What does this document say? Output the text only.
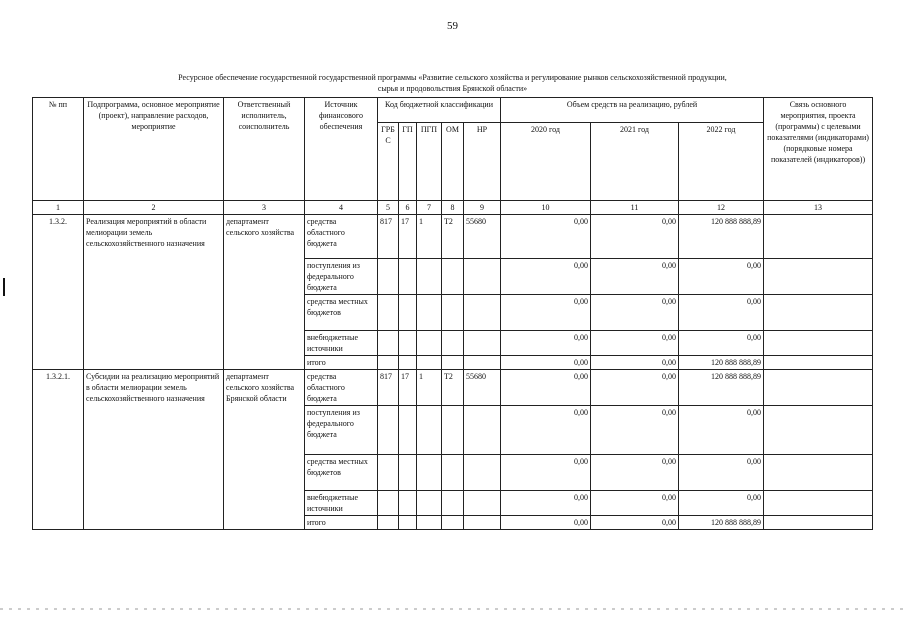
59
Ресурсное обеспечение государственной государственной программы «Развитие сельского хозяйства и регулирование рынков сельскохозяйственной продукции,
сырья и продовольствия Брянской области»
№ пп	Подпрограмма, основное мероприятие (проект), направление расходов, мероприятие	Ответственный исполнитель, соисполнитель	Источник финансового обеспечения	Код бюджетной классификации					Объем средств на реализацию, рублей			Связь основного мероприятия, проекта (программы) с целевыми показателями (индикаторами) (порядковые номера показателей (индикаторов))
				ГРБ С	ГП	ПГП	ОМ	НР	2020 год	2021 год	2022 год	
1	2	3	4	5	6	7	8	9	10	11	12	13
1.3.2.	Реализация мероприятий в области мелиорации земель сельскохозяйственного назначения	департамент сельского хозяйства	средства областного бюджета	817	17	1	Т2	55680	0,00	0,00	120 888 888,89	
			поступления из федерального бюджета						0,00	0,00	0,00	
			средства местных бюджетов						0,00	0,00	0,00	
			внебюджетные источники						0,00	0,00	0,00	
			итого						0,00	0,00	120 888 888,89	
1.3.2.1.	Субсидии на реализацию мероприятий в области мелиорации земель сельскохозяйственного назначения	департамент сельского хозяйства Брянской области	средства областного бюджета	817	17	1	Т2	55680	0,00	0,00	120 888 888,89	
			поступления из федерального бюджета						0,00	0,00	0,00	
			средства местных бюджетов						0,00	0,00	0,00	
			внебюджетные источники						0,00	0,00	0,00	
			итого						0,00	0,00	120 888 888,89	
